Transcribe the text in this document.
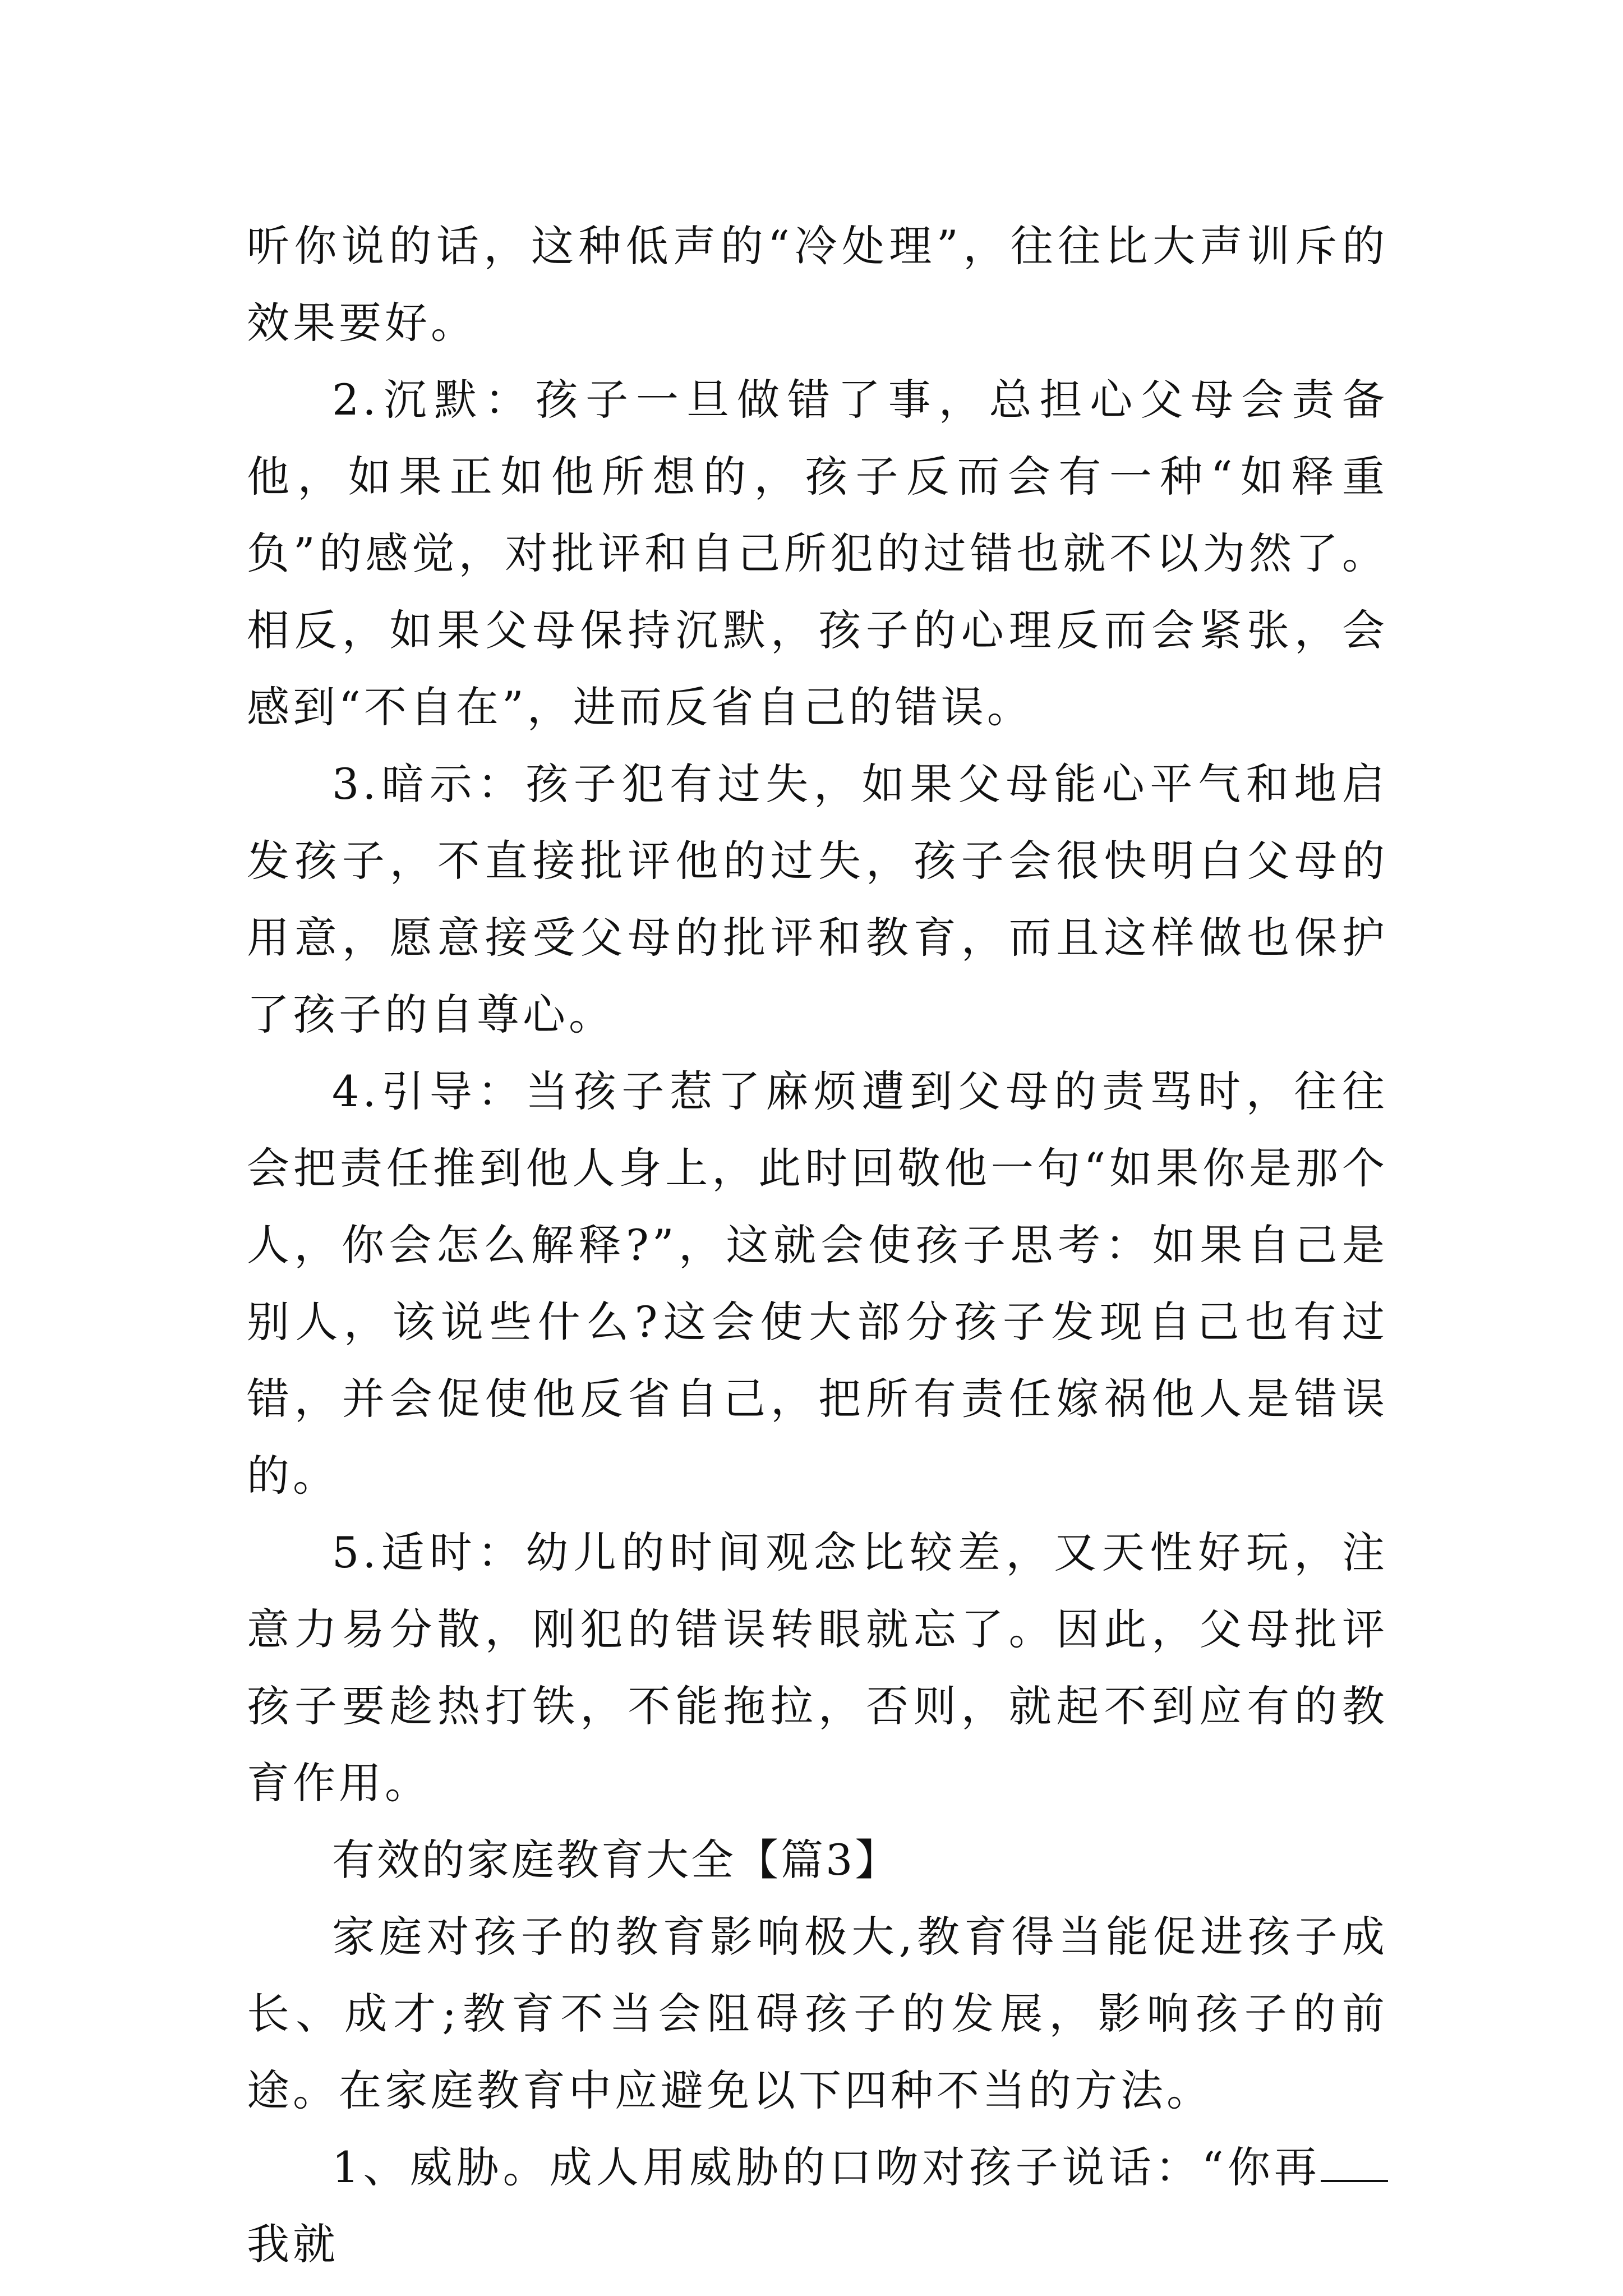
听你说的话，这种低声的“冷处理”，往往比大声训斥的效果要好。

2.沉默：孩子一旦做错了事，总担心父母会责备他，如果正如他所想的，孩子反而会有一种“如释重负”的感觉，对批评和自己所犯的过错也就不以为然了。相反，如果父母保持沉默，孩子的心理反而会紧张，会感到“不自在”，进而反省自己的错误。

3.暗示：孩子犯有过失，如果父母能心平气和地启发孩子，不直接批评他的过失，孩子会很快明白父母的用意，愿意接受父母的批评和教育，而且这样做也保护了孩子的自尊心。

4.引导：当孩子惹了麻烦遭到父母的责骂时，往往会把责任推到他人身上，此时回敬他一句“如果你是那个人，你会怎么解释?”，这就会使孩子思考：如果自己是别人，该说些什么?这会使大部分孩子发现自己也有过错，并会促使他反省自己，把所有责任嫁祸他人是错误的。

5.适时：幼儿的时间观念比较差，又天性好玩，注意力易分散，刚犯的错误转眼就忘了。因此，父母批评孩子要趁热打铁，不能拖拉，否则，就起不到应有的教育作用。

有效的家庭教育大全【篇3】

家庭对孩子的教育影响极大,教育得当能促进孩子成长、成才;教育不当会阻碍孩子的发展，影响孩子的前途。在家庭教育中应避免以下四种不当的方法。

1、威胁。成人用威胁的口吻对孩子说话：“你再我就
